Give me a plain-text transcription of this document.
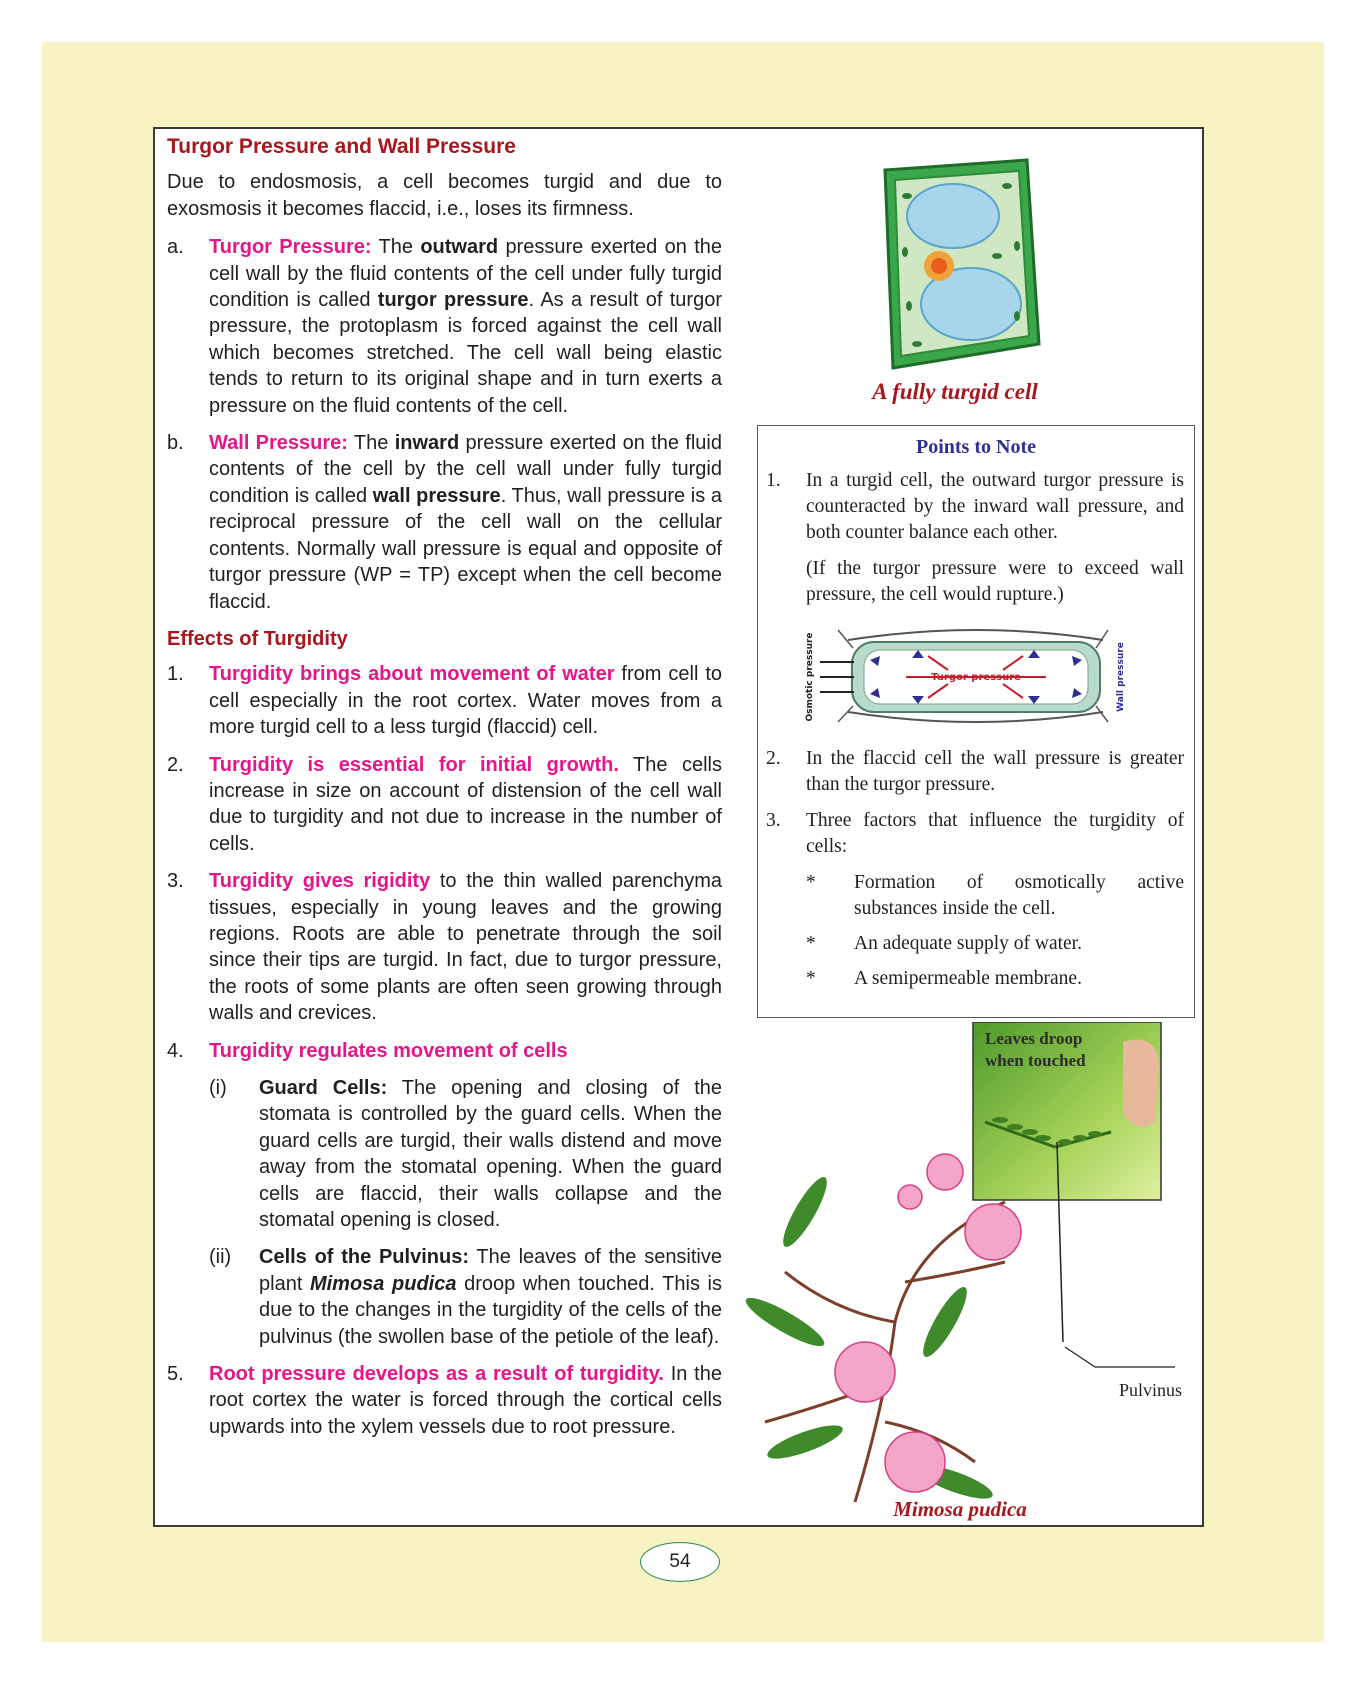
Turgor Pressure and Wall Pressure

Due to endosmosis, a cell becomes turgid and due to exosmosis it becomes flaccid, i.e., loses its firmness.

a.	Turgor Pressure: The outward pressure exerted on the cell wall by the fluid contents of the cell under fully turgid condition is called turgor pressure. As a result of turgor pressure, the protoplasm is forced against the cell wall which becomes stretched. The cell wall being elastic tends to return to its original shape and in turn exerts a pressure on the fluid contents of the cell.
b.	Wall Pressure: The inward pressure exerted on the fluid contents of the cell by the cell wall under fully turgid condition is called wall pressure. Thus, wall pressure is a reciprocal pressure of the cell wall on the cellular contents. Normally wall pressure is equal and opposite of turgor pressure (WP = TP) except when the cell become flaccid.
Effects of Turgidity
1.	Turgidity brings about movement of water from cell to cell especially in the root cortex. Water moves from a more turgid cell to a less turgid (flaccid) cell.
2.	Turgidity is essential for initial growth. The cells increase in size on account of distension of the cell wall due to turgidity and not due to increase in the number of cells.
3.	Turgidity gives rigidity to the thin walled parenchyma tissues, especially in young leaves and the growing regions. Roots are able to penetrate through the soil since their tips are turgid. In fact, due to turgor pressure, the roots of some plants are often seen growing through walls and crevices.
4.	Turgidity regulates movement of cells
(i)	Guard Cells: The opening and closing of the stomata is controlled by the guard cells. When the guard cells are turgid, their walls distend and move away from the stomatal opening. When the guard cells are flaccid, their walls collapse and the stomatal opening is closed.
(ii)	Cells of the Pulvinus: The leaves of the sensitive plant Mimosa pudica droop when touched. This is due to the changes in the turgidity of the cells of the pulvinus (the swollen base of the petiole of the leaf).
5.	Root pressure develops as a result of turgidity. In the root cortex the water is forced through the cortical cells upwards into the xylem vessels due to root pressure.
A fully turgid cell
Points to Note
1.	In a turgid cell, the outward turgor pressure is counteracted by the inward wall pressure, and both counter balance each other.
(If the turgor pressure were to exceed wall pressure, the cell would rupture.)
Osmotic pressure	Turgor pressure	Wall pressure
2.	In the flaccid cell the wall pressure is greater than the turgor pressure.
3.	Three factors that influence the turgidity of cells:
*	Formation of osmotically active substances inside the cell.
*	An adequate supply of water.
*	A semipermeable membrane.
Leaves droop
when touched
Pulvinus
Mimosa pudica
54
